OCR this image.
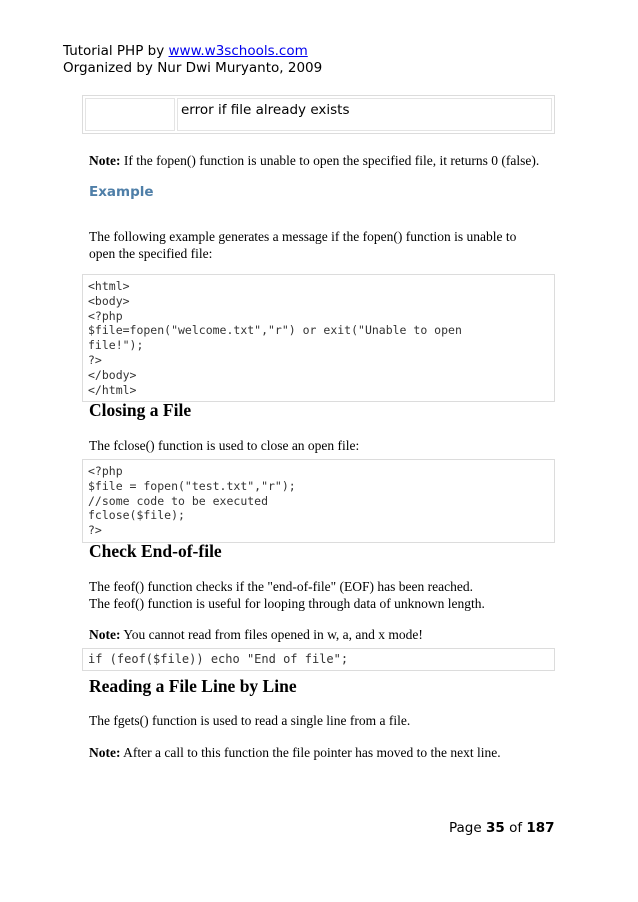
Tutorial PHP by www.w3schools.com
Organized by Nur Dwi Muryanto, 2009
error if file already exists
Note: If the fopen() function is unable to open the specified file, it returns 0 (false).
Example
The following example generates a message if the fopen() function is unable to
open the specified file:
<html>
<body>
<?php
$file=fopen("welcome.txt","r") or exit("Unable to open
file!");
?>
</body>
</html>
Closing a File
The fclose() function is used to close an open file:
<?php
$file = fopen("test.txt","r");
//some code to be executed
fclose($file);
?>
Check End-of-file
The feof() function checks if the "end-of-file" (EOF) has been reached.
The feof() function is useful for looping through data of unknown length.
Note: You cannot read from files opened in w, a, and x mode!
if (feof($file)) echo "End of file";
Reading a File Line by Line
The fgets() function is used to read a single line from a file.
Note: After a call to this function the file pointer has moved to the next line.
Page 35 of 187
